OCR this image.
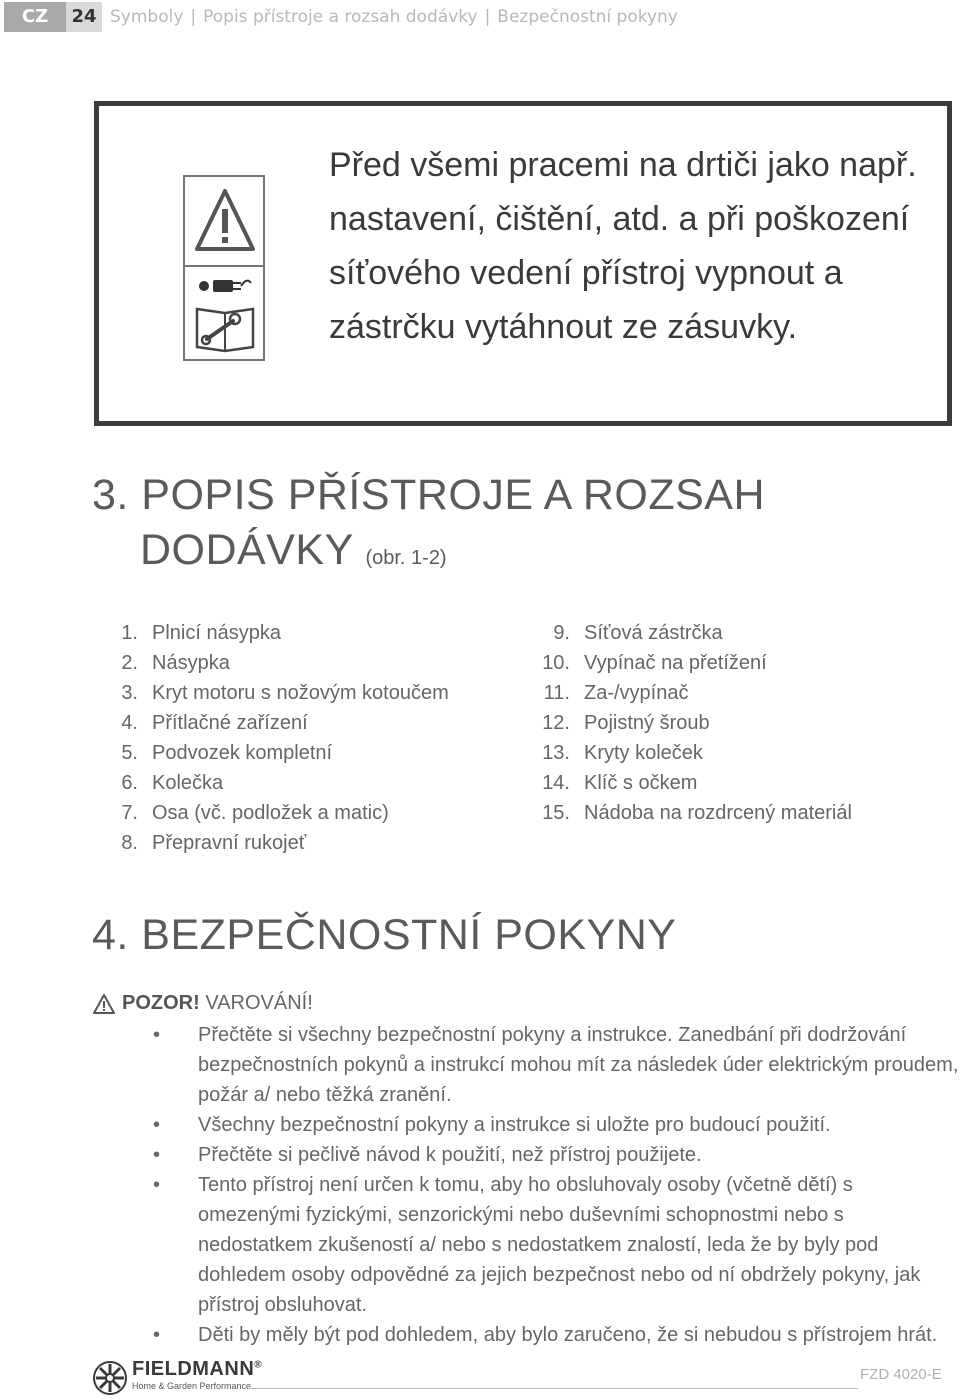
CZ	24 Symboly | Popis přístroje a rozsah dodávky | Bezpečnostní pokyny
Před všemi pracemi na drtiči jako např. nastavení, čištění, atd. a při poškození síťového vedení přístroj vypnout a zástrčku vytáhnout ze zásuvky.
3. POPIS PŘÍSTROJE A ROZSAH
DODÁVKY (obr. 1-2)
1. Plnicí násypka
2. Násypka
3. Kryt motoru s nožovým kotoučem
4. Přítlačné zařízení
5. Podvozek kompletní
6. Kolečka
7. Osa (vč. podložek a matic)
8. Přepravní rukojeť
9. Síťová zástrčka
10. Vypínač na přetížení
11. Za-/vypínač
12. Pojistný šroub
13. Kryty koleček
14. Klíč s očkem
15. Nádoba na rozdrcený materiál
4. BEZPEČNOSTNÍ POKYNY
POZOR! VAROVÁNÍ!
• Přečtěte si všechny bezpečnostní pokyny a instrukce. Zanedbání při dodržování bezpečnostních pokynů a instrukcí mohou mít za následek úder elektrickým proudem, požár a/ nebo těžká zranění.
• Všechny bezpečnostní pokyny a instrukce si uložte pro budoucí použití.
• Přečtěte si pečlivě návod k použití, než přístroj použijete.
• Tento přístroj není určen k tomu, aby ho obsluhovaly osoby (včetně dětí) s omezenými fyzickými, senzorickými nebo duševními schopnostmi nebo s nedostatkem zkušeností a/ nebo s nedostatkem znalostí, leda že by byly pod dohledem osoby odpovědné za jejich bezpečnost nebo od ní obdržely pokyny, jak přístroj obsluhovat.
• Děti by měly být pod dohledem, aby bylo zaručeno, že si nebudou s přístrojem hrát.
FIELDMANN®
Home & Garden Performance
FZD 4020-E
